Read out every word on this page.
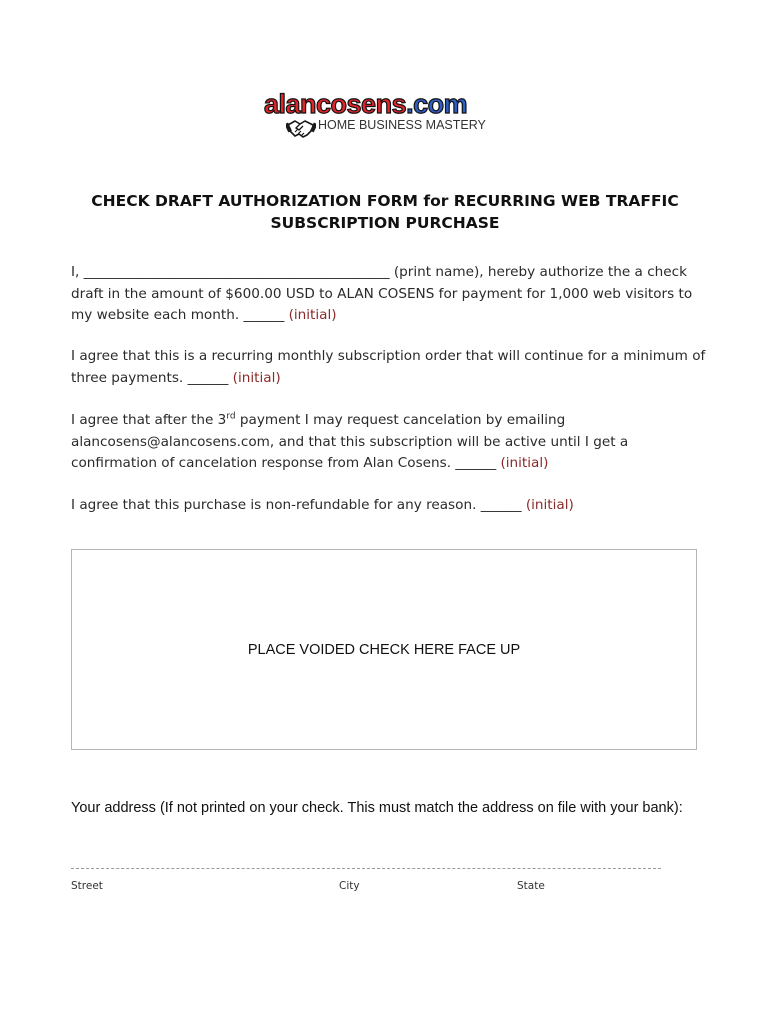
alancosens.com
HOME BUSINESS MASTERY
CHECK DRAFT AUTHORIZATION FORM for RECURRING WEB TRAFFIC
SUBSCRIPTION PURCHASE
I, _____________________________________________ (print name), hereby authorize the a check draft in the amount of $600.00 USD to ALAN COSENS for payment for 1,000 web visitors to my website each month. ______ (initial)
I agree that this is a recurring monthly subscription order that will continue for a minimum of three payments. ______ (initial)
I agree that after the 3rd payment I may request cancelation by emailing alancosens@alancosens.com, and that this subscription will be active until I get a confirmation of cancelation response from Alan Cosens. ______ (initial)
I agree that this purchase is non-refundable for any reason. ______ (initial)
PLACE VOIDED CHECK HERE FACE UP
Your address (If not printed on your check. This must match the address on file with your bank):
Street	City	State
